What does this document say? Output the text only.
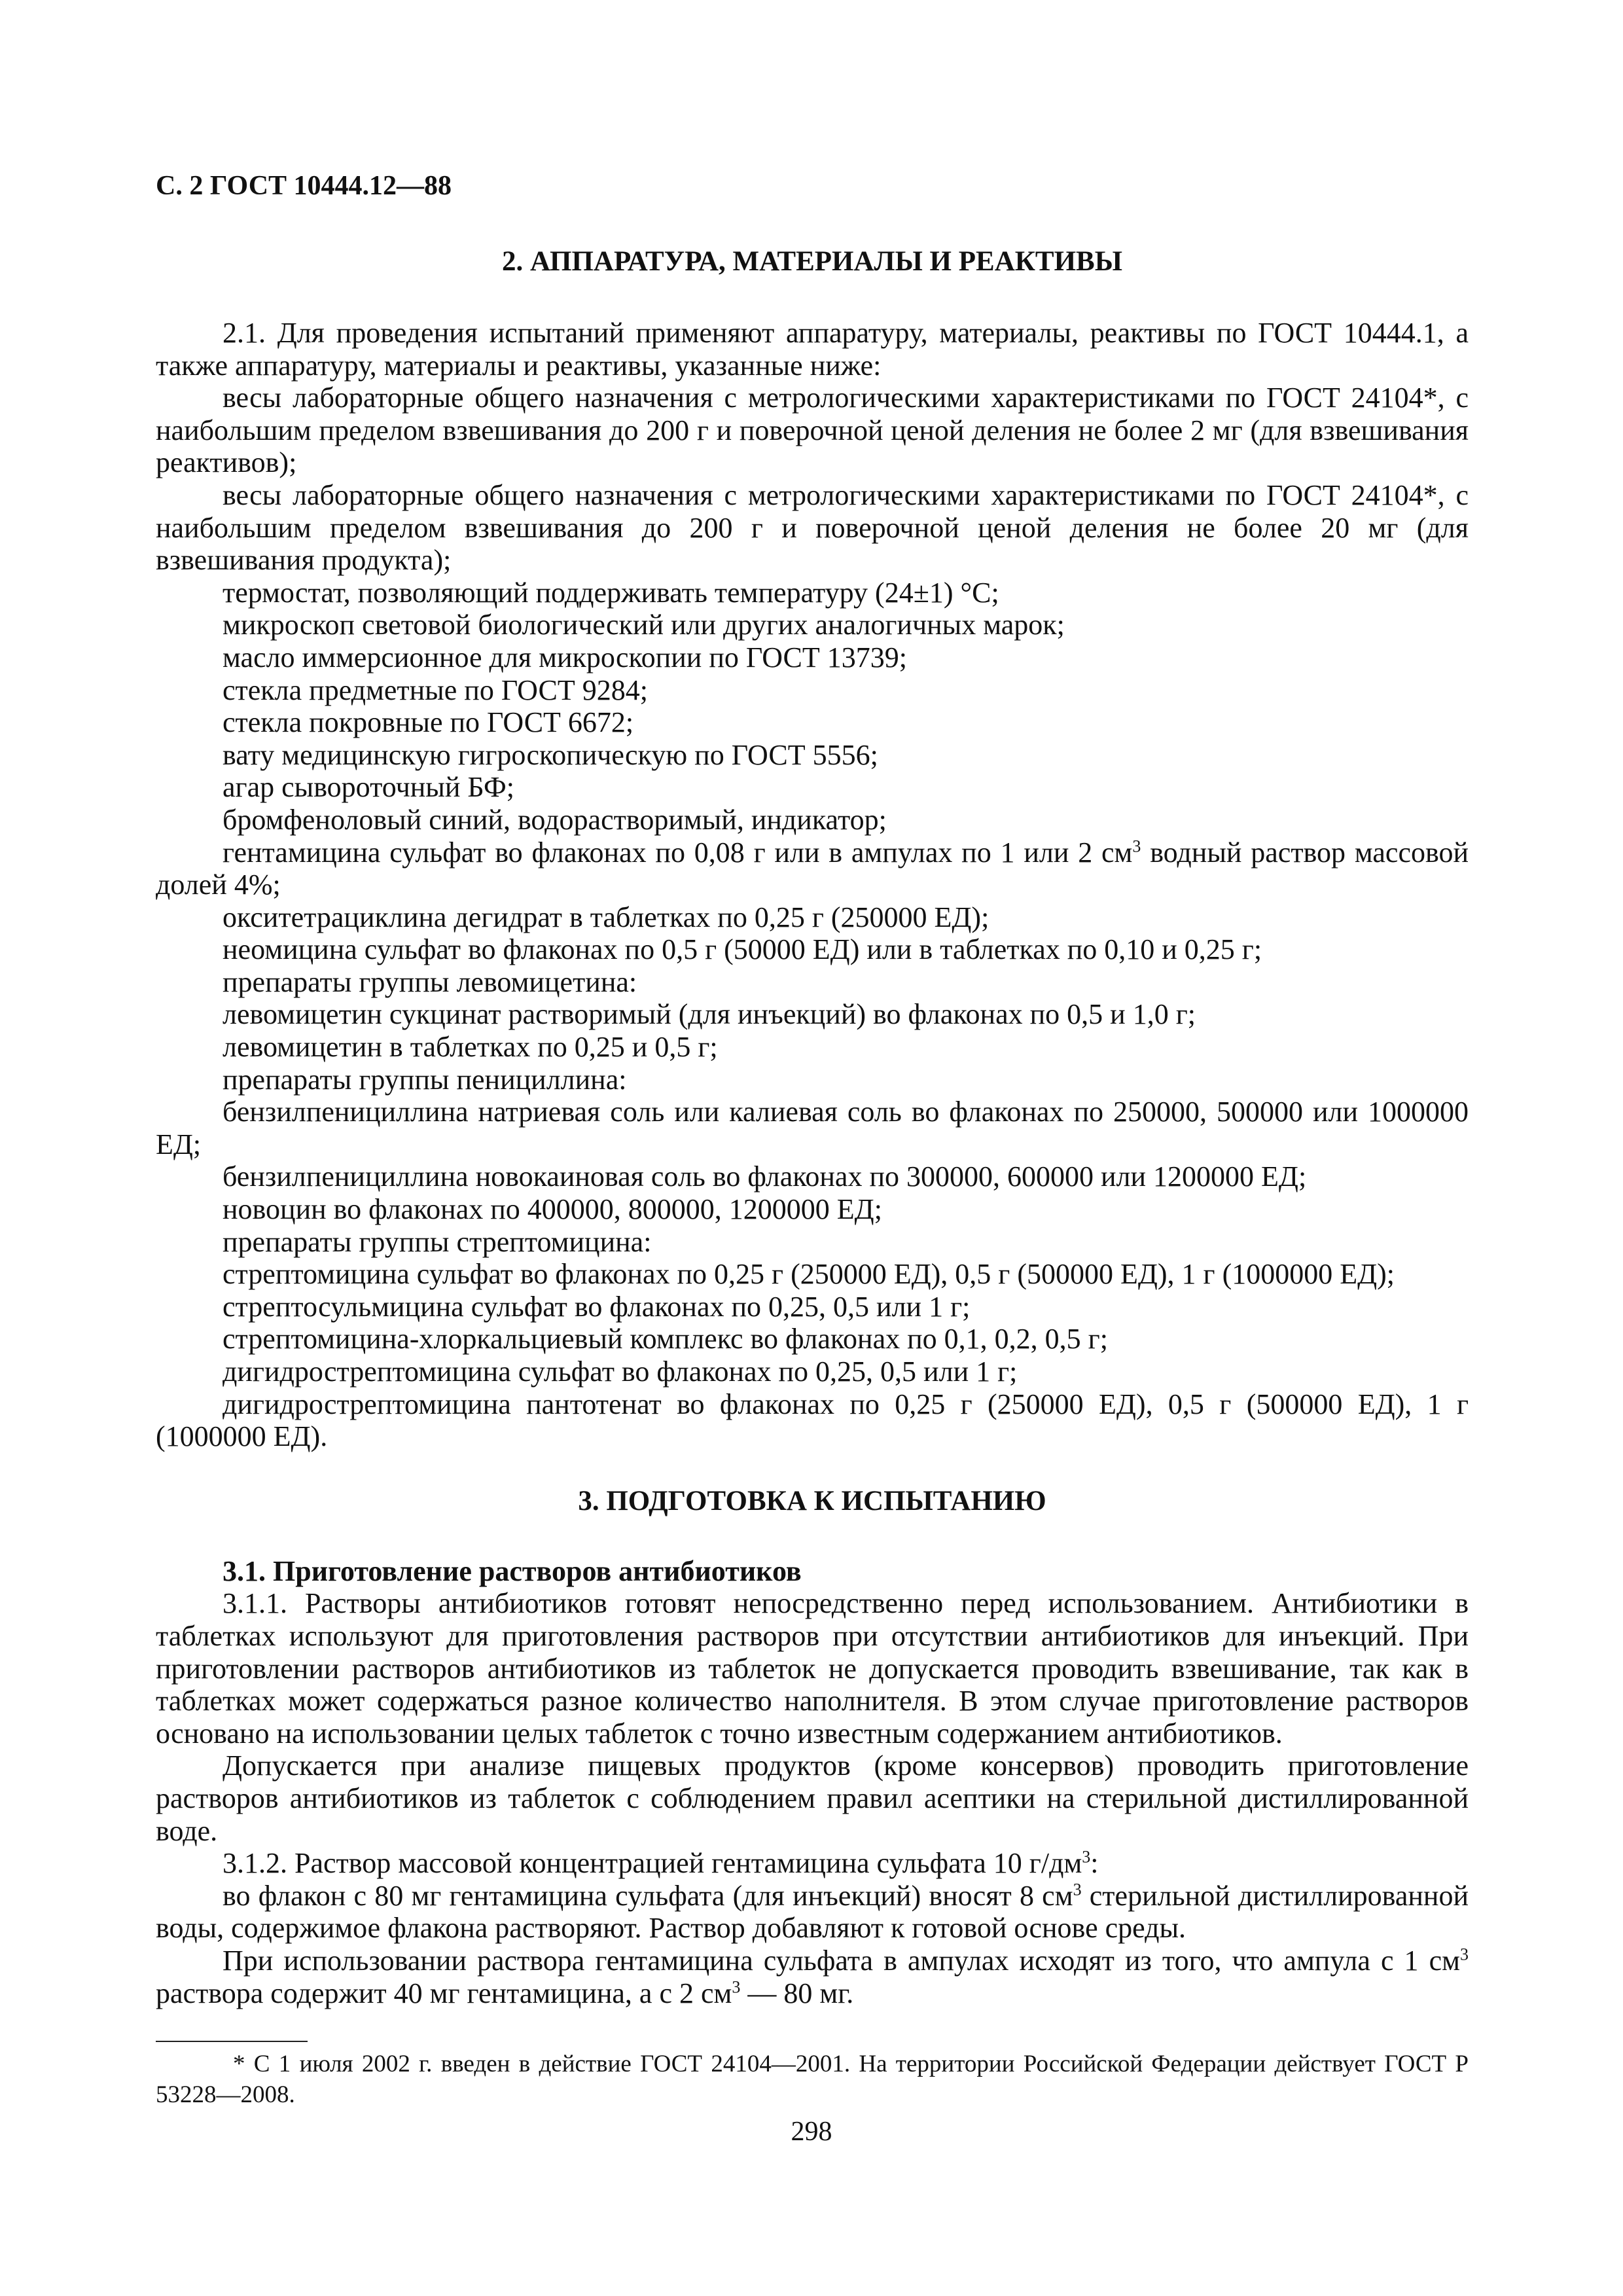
С. 2 ГОСТ 10444.12—88
2. АППАРАТУРА, МАТЕРИАЛЫ И РЕАКТИВЫ

2.1. Для проведения испытаний применяют аппаратуру, материалы, реактивы по ГОСТ 10444.1, а также аппаратуру, материалы и реактивы, указанные ниже:

весы лабораторные общего назначения с метрологическими характеристиками по ГОСТ 24104*, с наибольшим пределом взвешивания до 200 г и поверочной ценой деления не более 2 мг (для взвешивания реактивов);

весы лабораторные общего назначения с метрологическими характеристиками по ГОСТ 24104*, с наибольшим пределом взвешивания до 200 г и поверочной ценой деления не более 20 мг (для взвешивания продукта);

термостат, позволяющий поддерживать температуру (24±1) °С;

микроскоп световой биологический или других аналогичных марок;

масло иммерсионное для микроскопии по ГОСТ 13739;

стекла предметные по ГОСТ 9284;

стекла покровные по ГОСТ 6672;

вату медицинскую гигроскопическую по ГОСТ 5556;

агар сывороточный БФ;

бромфеноловый синий, водорастворимый, индикатор;

гентамицина сульфат во флаконах по 0,08 г или в ампулах по 1 или 2 $см^3$ водный раствор массовой долей 4%;

окситетрациклина дегидрат в таблетках по 0,25 г (250000 ЕД);

неомицина сульфат во флаконах по 0,5 г (50000 ЕД) или в таблетках по 0,10 и 0,25 г;

препараты группы левомицетина:

левомицетин сукцинат растворимый (для инъекций) во флаконах по 0,5 и 1,0 г;

левомицетин в таблетках по 0,25 и 0,5 г;

препараты группы пенициллина:

бензилпенициллина натриевая соль или калиевая соль во флаконах по 250000, 500000 или 1000000 ЕД;

бензилпенициллина новокаиновая соль во флаконах по 300000, 600000 или 1200000 ЕД;

новоцин во флаконах по 400000, 800000, 1200000 ЕД;

препараты группы стрептомицина:

стрептомицина сульфат во флаконах по 0,25 г (250000 ЕД), 0,5 г (500000 ЕД), 1 г (1000000 ЕД);

стрептосульмицина сульфат во флаконах по 0,25, 0,5 или 1 г;

стрептомицина-хлоркальциевый комплекс во флаконах по 0,1, 0,2, 0,5 г;

дигидрострептомицина сульфат во флаконах по 0,25, 0,5 или 1 г;

дигидрострептомицина пантотенат во флаконах по 0,25 г (250000 ЕД), 0,5 г (500000 ЕД), 1 г (1000000 ЕД).

3. ПОДГОТОВКА К ИСПЫТАНИЮ
3.1. Приготовление растворов антибиотиков

3.1.1. Растворы антибиотиков готовят непосредственно перед использованием. Антибиотики в таблетках используют для приготовления растворов при отсутствии антибиотиков для инъекций. При приготовлении растворов антибиотиков из таблеток не допускается проводить взвешивание, так как в таблетках может содержаться разное количество наполнителя. В этом случае приготовление растворов основано на использовании целых таблеток с точно известным содержанием антибиотиков.

Допускается при анализе пищевых продуктов (кроме консервов) проводить приготовление растворов антибиотиков из таблеток с соблюдением правил асептики на стерильной дистиллированной воде.

3.1.2. Раствор массовой концентрацией гентамицина сульфата 10 $г/дм^3$:

во флакон с 80 мг гентамицина сульфата (для инъекций) вносят 8 $см^3$ стерильной дистиллированной воды, содержимое флакона растворяют. Раствор добавляют к готовой основе среды.

При использовании раствора гентамицина сульфата в ампулах исходят из того, что ампула с 1 $см^3$ раствора содержит 40 мг гентамицина, а с 2 $см^3$ — 80 мг.

* С 1 июля 2002 г. введен в действие ГОСТ 24104—2001. На территории Российской Федерации действует ГОСТ Р 53228—2008.
298
